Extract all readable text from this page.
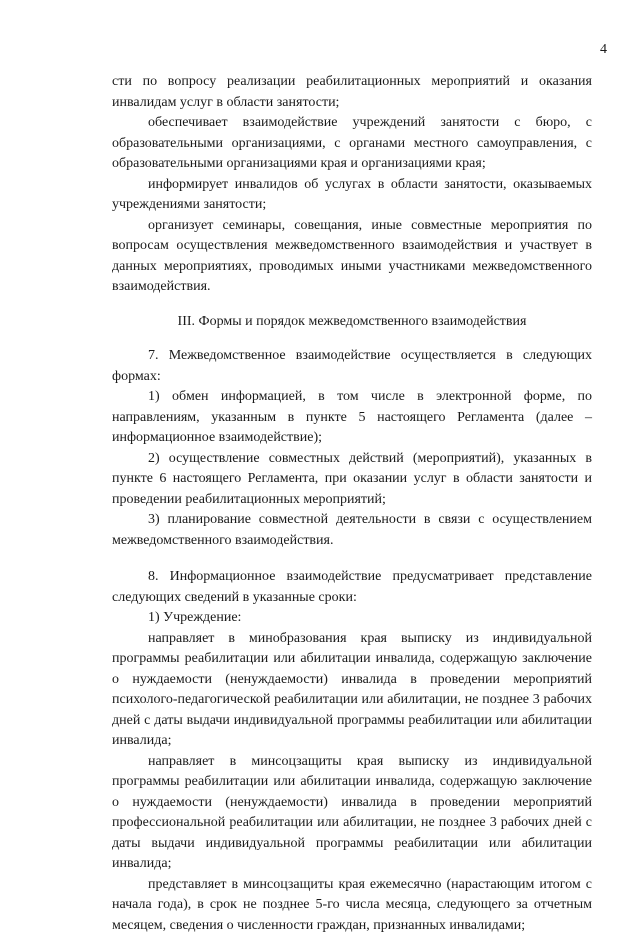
4

сти по вопросу реализации реабилитационных мероприятий и оказания инвалидам услуг в области занятости;

обеспечивает взаимодействие учреждений занятости с бюро, с образовательными организациями, с органами местного самоуправления, с образовательными организациями края и организациями края;

информирует инвалидов об услугах в области занятости, оказываемых учреждениями занятости;

организует семинары, совещания, иные совместные мероприятия по вопросам осуществления межведомственного взаимодействия и участвует в данных мероприятиях, проводимых иными участниками межведомственного взаимодействия.

III. Формы и порядок межведомственного взаимодействия

7. Межведомственное взаимодействие осуществляется в следующих формах:

1) обмен информацией, в том числе в электронной форме, по направлениям, указанным в пункте 5 настоящего Регламента (далее – информационное взаимодействие);

2) осуществление совместных действий (мероприятий), указанных в пункте 6 настоящего Регламента, при оказании услуг в области занятости и проведении реабилитационных мероприятий;

3) планирование совместной деятельности в связи с осуществлением межведомственного взаимодействия.

8. Информационное взаимодействие предусматривает представление следующих сведений в указанные сроки:

1) Учреждение:

направляет в минобразования края выписку из индивидуальной программы реабилитации или абилитации инвалида, содержащую заключение о нуждаемости (ненуждаемости) инвалида в проведении мероприятий психолого-педагогической реабилитации или абилитации, не позднее 3 рабочих дней с даты выдачи индивидуальной программы реабилитации или абилитации инвалида;

направляет в минсоцзащиты края выписку из индивидуальной программы реабилитации или абилитации инвалида, содержащую заключение о нуждаемости (ненуждаемости) инвалида в проведении мероприятий профессиональной реабилитации или абилитации, не позднее 3 рабочих дней с даты выдачи индивидуальной программы реабилитации или абилитации инвалида;

представляет в минсоцзащиты края ежемесячно (нарастающим итогом с начала года), в срок не позднее 5-го числа месяца, следующего за отчетным месяцем, сведения о численности граждан, признанных инвалидами;
